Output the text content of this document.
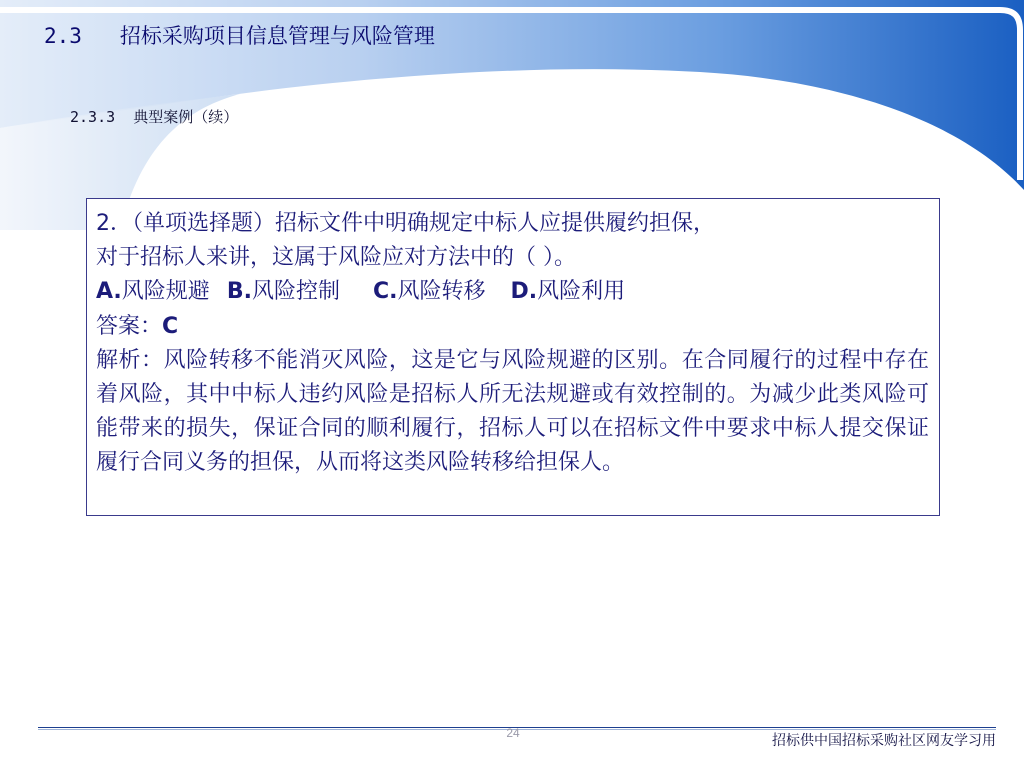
2.3   招标采购项目信息管理与风险管理
2.3.3  典型案例（续）
2．（单项选择题）招标文件中明确规定中标人应提供履约担保，
对于招标人来讲，这属于风险应对方法中的（ ）。
A.风险规避 B.风险控制 C.风险转移 D.风险利用
答案：C
解析：风险转移不能消灭风险，这是它与风险规避的区别。在合同履行的过程中存在着风险，其中中标人违约风险是招标人所无法规避或有效控制的。为减少此类风险可能带来的损失，保证合同的顺利履行，招标人可以在招标文件中要求中标人提交保证履行合同义务的担保，从而将这类风险转移给担保人。
24	招标供中国招标采购社区网友学习用
